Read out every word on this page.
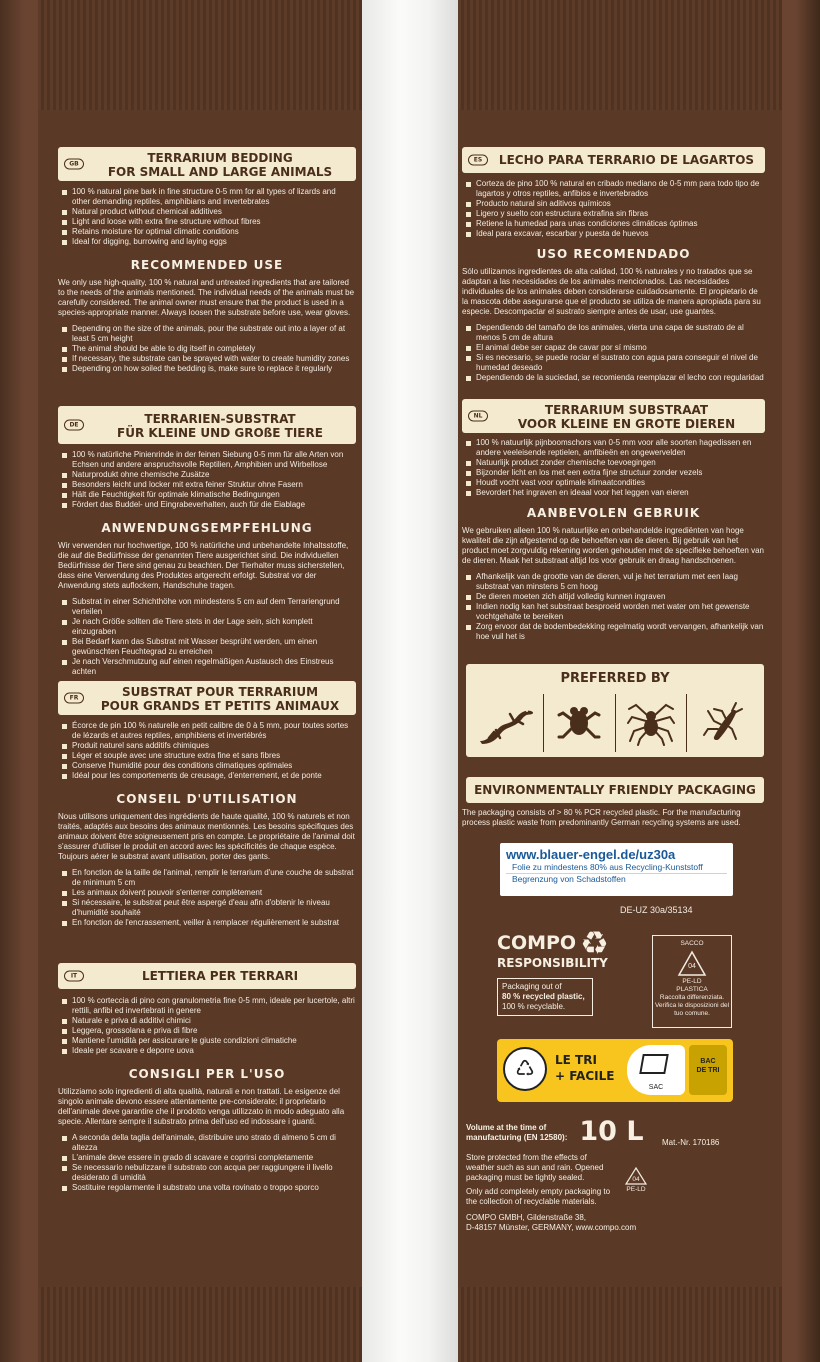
GB	TERRARIUM BEDDING
FOR SMALL AND LARGE ANIMALS
100 % natural pine bark in fine structure 0-5 mm for all types of lizards and other demanding reptiles, amphibians and invertebrates
Natural product without chemical additives
Light and loose with extra fine structure without fibres
Retains moisture for optimal climatic conditions
Ideal for digging, burrowing and laying eggs
RECOMMENDED USE
We only use high-quality, 100 % natural and untreated ingredients that are tailored to the needs of the animals mentioned. The individual needs of the animals must be carefully considered. The animal owner must ensure that the product is used in a species-appropriate manner. Always loosen the substrate before use, wear gloves.
Depending on the size of the animals, pour the substrate out into a layer of at least 5 cm height
The animal should be able to dig itself in completely
If necessary, the substrate can be sprayed with water to create humidity zones
Depending on how soiled the bedding is, make sure to replace it regularly
DE	TERRARIEN-SUBSTRAT
FÜR KLEINE UND GROßE TIERE
100 % natürliche Pinienrinde in der feinen Siebung 0-5 mm für alle Arten von Echsen und andere anspruchsvolle Reptilien, Amphibien und Wirbellose
Naturprodukt ohne chemische Zusätze
Besonders leicht und locker mit extra feiner Struktur ohne Fasern
Hält die Feuchtigkeit für optimale klimatische Bedingungen
Fördert das Buddel- und Eingrabeverhalten, auch für die Eiablage
ANWENDUNGSEMPFEHLUNG
Wir verwenden nur hochwertige, 100 % natürliche und unbehandelte Inhaltsstoffe, die auf die Bedürfnisse der genannten Tiere ausgerichtet sind. Die individuellen Bedürfnisse der Tiere sind genau zu beachten. Der Tierhalter muss sicherstellen, dass eine Verwendung des Produktes artgerecht erfolgt. Substrat vor der Anwendung stets auflockern, Handschuhe tragen.
Substrat in einer Schichthöhe von mindestens 5 cm auf dem Terrariengrund verteilen
Je nach Größe sollten die Tiere stets in der Lage sein, sich komplett einzugraben
Bei Bedarf kann das Substrat mit Wasser besprüht werden, um einen gewünschten Feuchtegrad zu erreichen
Je nach Verschmutzung auf einen regelmäßigen Austausch des Einstreus achten
FR	SUBSTRAT POUR TERRARIUM
POUR GRANDS ET PETITS ANIMAUX
Écorce de pin 100 % naturelle en petit calibre de 0 à 5 mm, pour toutes sortes de lézards et autres reptiles, amphibiens et invertébrés
Produit naturel sans additifs chimiques
Léger et souple avec une structure extra fine et sans fibres
Conserve l'humidité pour des conditions climatiques optimales
Idéal pour les comportements de creusage, d'enterrement, et de ponte
CONSEIL D'UTILISATION
Nous utilisons uniquement des ingrédients de haute qualité, 100 % naturels et non traités, adaptés aux besoins des animaux mentionnés. Les besoins spécifiques des animaux doivent être soigneusement pris en compte. Le propriétaire de l'animal doit s'assurer d'utiliser le produit en accord avec les spécificités de chaque espèce. Toujours aérer le substrat avant utilisation, porter des gants.
En fonction de la taille de l'animal, remplir le terrarium d'une couche de substrat de minimum 5 cm
Les animaux doivent pouvoir s'enterrer complètement
Si nécessaire, le substrat peut être aspergé d'eau afin d'obtenir le niveau d'humidité souhaité
En fonction de l'encrassement, veiller à remplacer régulièrement le substrat
IT	LETTIERA PER TERRARI
100 % corteccia di pino con granulometria fine 0-5 mm, ideale per lucertole, altri rettili, anfibi ed invertebrati in genere
Naturale e priva di additivi chimici
Leggera, grossolana e priva di fibre
Mantiene l'umidità per assicurare le giuste condizioni climatiche
Ideale per scavare e deporre uova
CONSIGLI PER L'USO
Utilizziamo solo ingredienti di alta qualità, naturali e non trattati. Le esigenze del singolo animale devono essere attentamente pre-considerate; il proprietario dell'animale deve garantire che il prodotto venga utilizzato in modo adeguato alla specie. Allentare sempre il substrato prima dell'uso ed indossare i guanti.
A seconda della taglia dell'animale, distribuire uno strato di almeno 5 cm di altezza
L'animale deve essere in grado di scavare e coprirsi completamente
Se necessario nebulizzare il substrato con acqua per raggiungere il livello desiderato di umidità
Sostituire regolarmente il substrato una volta rovinato o troppo sporco
ES	LECHO PARA TERRARIO DE LAGARTOS
Corteza de pino 100 % natural en cribado mediano de 0-5 mm para todo tipo de lagartos y otros reptiles, anfibios e invertebrados
Producto natural sin aditivos químicos
Ligero y suelto con estructura extrafina sin fibras
Retiene la humedad para unas condiciones climáticas óptimas
Ideal para excavar, escarbar y puesta de huevos
USO RECOMENDADO
Sólo utilizamos ingredientes de alta calidad, 100 % naturales y no tratados que se adaptan a las necesidades de los animales mencionados. Las necesidades individuales de los animales deben considerarse cuidadosamente. El propietario de la mascota debe asegurarse que el producto se utiliza de manera apropiada para su especie. Descompactar el sustrato siempre antes de usar, use guantes.
Dependiendo del tamaño de los animales, vierta una capa de sustrato de al menos 5 cm de altura
El animal debe ser capaz de cavar por sí mismo
Si es necesario, se puede rociar el sustrato con agua para conseguir el nivel de humedad deseado
Dependiendo de la suciedad, se recomienda reemplazar el lecho con regularidad
NL	TERRARIUM SUBSTRAAT
VOOR KLEINE EN GROTE DIEREN
100 % natuurlijk pijnboomschors van 0-5 mm voor alle soorten hagedissen en andere veeleisende reptielen, amfibieën en ongewervelden
Natuurlijk product zonder chemische toevoegingen
Bijzonder licht en los met een extra fijne structuur zonder vezels
Houdt vocht vast voor optimale klimaatcondities
Bevordert het ingraven en ideaal voor het leggen van eieren
AANBEVOLEN GEBRUIK
We gebruiken alleen 100 % natuurlijke en onbehandelde ingrediënten van hoge kwaliteit die zijn afgestemd op de behoeften van de dieren. Bij gebruik van het product moet zorgvuldig rekening worden gehouden met de specifieke behoeften van de dieren. Maak het substraat altijd los voor gebruik en draag handschoenen.
Afhankelijk van de grootte van de dieren, vul je het terrarium met een laag substraat van minstens 5 cm hoog
De dieren moeten zich altijd volledig kunnen ingraven
Indien nodig kan het substraat besproeid worden met water om het gewenste vochtgehalte te bereiken
Zorg ervoor dat de bodembedekking regelmatig wordt vervangen, afhankelijk van hoe vuil het is
PREFERRED BY
ENVIRONMENTALLY FRIENDLY PACKAGING
The packaging consists of > 80 % PCR recycled plastic. For the manufacturing process plastic waste from predominantly German recycling systems are used.
www.blauer-engel.de/uz30a
Folie zu mindestens 80% aus Recycling-Kunststoff
Begrenzung von Schadstoffen
DE-UZ 30a/35134
COMPO ♻
RESPONSIBILITY
Packaging out of
80 % recycled plastic,
100 % recyclable.
SACCO
04
PE-LD
PLASTICA
Raccolta differenziata.
Verifica le disposizioni del tuo comune.
♺	LE TRI
+ FACILE
SAC
BAC DE TRI
Volume at the time of
manufacturing (EN 12580): 10 L Mat.-Nr. 170186
Store protected from the effects of weather such as sun and rain. Opened packaging must be tightly sealed.
Only add completely empty packaging to the collection of recyclable materials.
04
PE-LD
COMPO GMBH, Gildenstraße 38,
D-48157 Münster, GERMANY, www.compo.com
